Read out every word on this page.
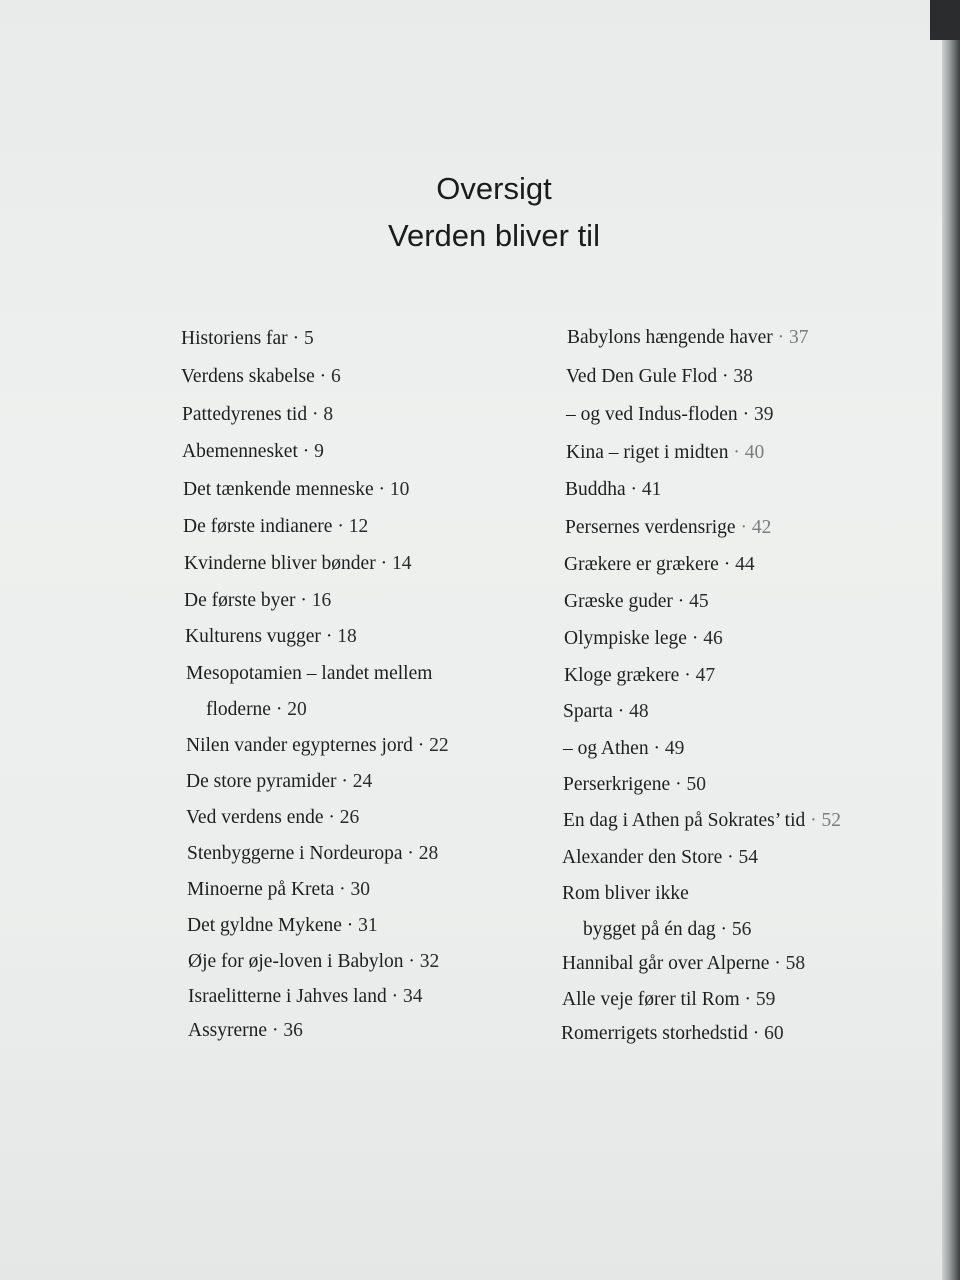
Oversigt
Verden bliver til
Historiens far · 5
Verdens skabelse · 6
Pattedyrenes tid · 8
Abemennesket · 9
Det tænkende menneske · 10
De første indianere · 12
Kvinderne bliver bønder · 14
De første byer · 16
Kulturens vugger · 18
Mesopotamien – landet mellem
floderne · 20
Nilen vander egypternes jord · 22
De store pyramider · 24
Ved verdens ende · 26
Stenbyggerne i Nordeuropa · 28
Minoerne på Kreta · 30
Det gyldne Mykene · 31
Øje for øje-loven i Babylon · 32
Israelitterne i Jahves land · 34
Assyrerne · 36
Babylons hængende haver · 37
Ved Den Gule Flod · 38
– og ved Indus-floden · 39
Kina – riget i midten · 40
Buddha · 41
Persernes verdensrige · 42
Grækere er grækere · 44
Græske guder · 45
Olympiske lege · 46
Kloge grækere · 47
Sparta · 48
– og Athen · 49
Perserkrigene · 50
En dag i Athen på Sokrates’ tid · 52
Alexander den Store · 54
Rom bliver ikke
bygget på én dag · 56
Hannibal går over Alperne · 58
Alle veje fører til Rom · 59
Romerrigets storhedstid · 60
